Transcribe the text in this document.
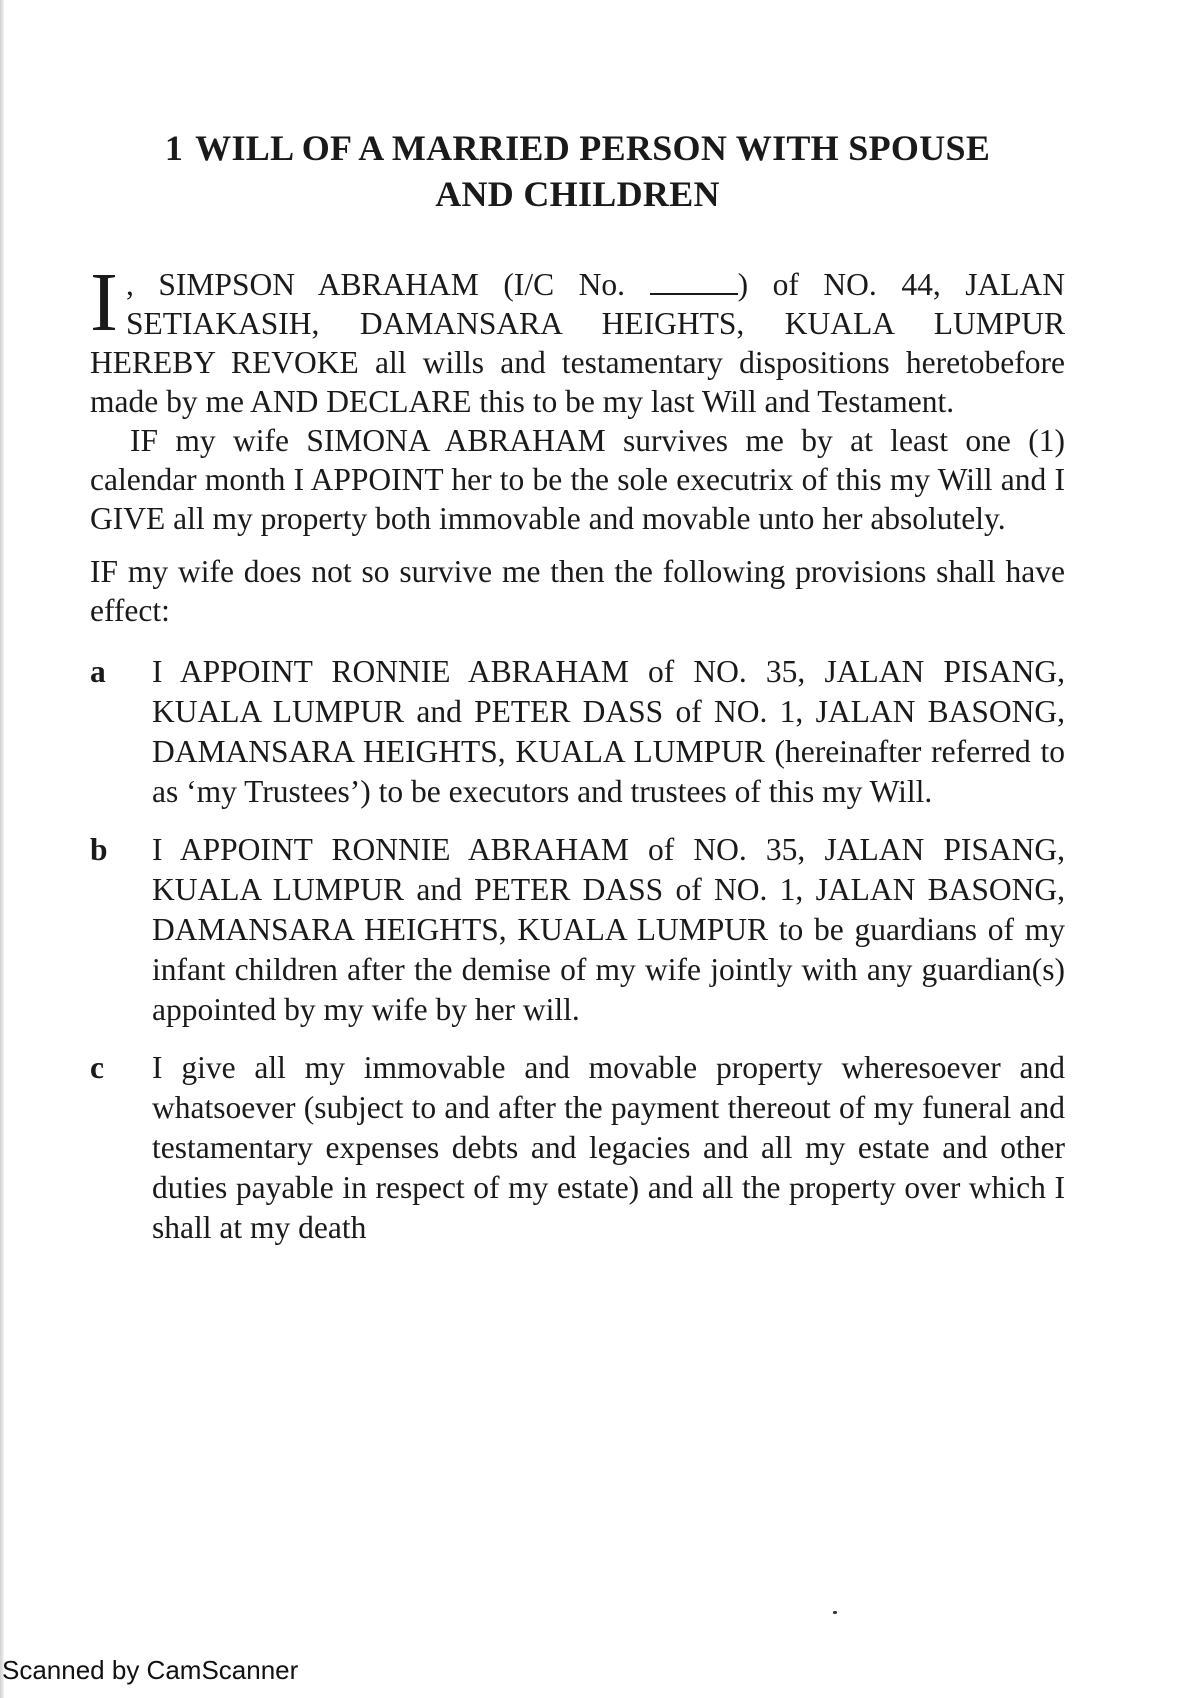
1 WILL OF A MARRIED PERSON WITH SPOUSE
AND CHILDREN

I , SIMPSON ABRAHAM (I/C No.	) of NO. 44, JALAN SETIAKASIH, DAMANSARA HEIGHTS, KUALA LUMPUR HEREBY REVOKE all wills and testamentary dispositions heretobefore made by me AND DECLARE this to be my last Will and Testament.

IF my wife SIMONA ABRAHAM survives me by at least one (1) calendar month I APPOINT her to be the sole executrix of this my Will and I GIVE all my property both immovable and movable unto her absolutely.

IF my wife does not so survive me then the following provisions shall have effect:

a	I APPOINT RONNIE ABRAHAM of NO. 35, JALAN PISANG, KUALA LUMPUR and PETER DASS of NO. 1, JALAN BASONG, DAMANSARA HEIGHTS, KUALA LUMPUR (hereinafter referred to as ‘my Trustees’) to be executors and trustees of this my Will.
b	I APPOINT RONNIE ABRAHAM of NO. 35, JALAN PISANG, KUALA LUMPUR and PETER DASS of NO. 1, JALAN BASONG, DAMANSARA HEIGHTS, KUALA LUMPUR to be guardians of my infant children after the demise of my wife jointly with any guardian(s) appointed by my wife by her will.
c	I give all my immovable and movable property wheresoever and whatsoever (subject to and after the payment thereout of my funeral and testamentary expenses debts and legacies and all my estate and other duties payable in respect of my estate) and all the property over which I shall at my death
Scanned by CamScanner
